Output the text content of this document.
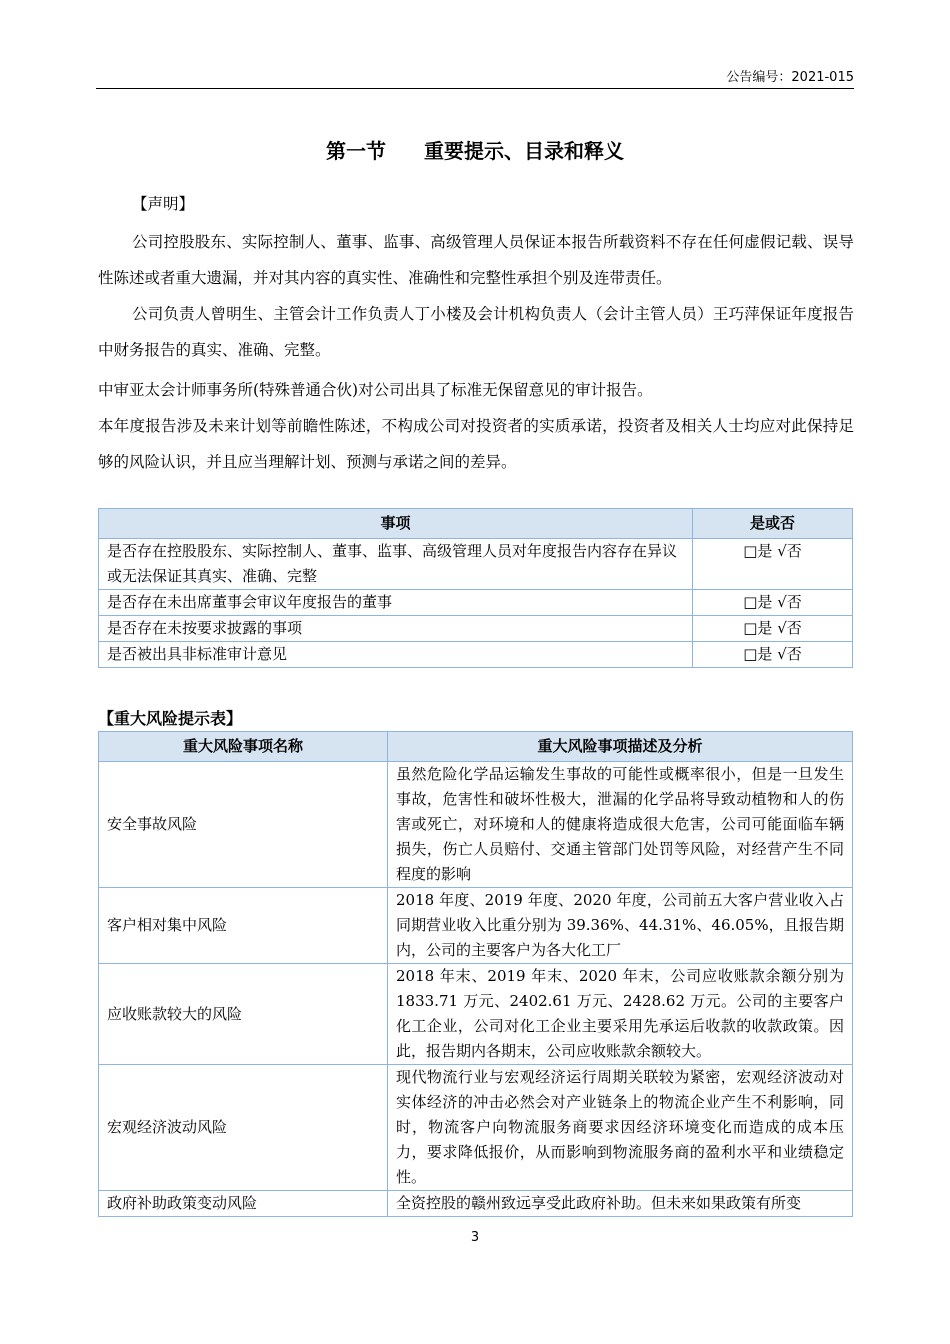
公告编号：2021-015
第一节 重要提示、目录和释义
【声明】
公司控股股东、实际控制人、董事、监事、高级管理人员保证本报告所载资料不存在任何虚假记载、误导性陈述或者重大遗漏，并对其内容的真实性、准确性和完整性承担个别及连带责任。
公司负责人曾明生、主管会计工作负责人丁小楼及会计机构负责人（会计主管人员）王巧萍保证年度报告中财务报告的真实、准确、完整。
中审亚太会计师事务所(特殊普通合伙)对公司出具了标准无保留意见的审计报告。
本年度报告涉及未来计划等前瞻性陈述，不构成公司对投资者的实质承诺，投资者及相关人士均应对此保持足够的风险认识，并且应当理解计划、预测与承诺之间的差异。
事项	是或否
是否存在控股股东、实际控制人、董事、监事、高级管理人员对年度报告内容存在异议或无法保证其真实、准确、完整	□是 √否
是否存在未出席董事会审议年度报告的董事	□是 √否
是否存在未按要求披露的事项	□是 √否
是否被出具非标准审计意见	□是 √否
【重大风险提示表】
重大风险事项名称	重大风险事项描述及分析
安全事故风险	虽然危险化学品运输发生事故的可能性或概率很小，但是一旦发生事故，危害性和破坏性极大，泄漏的化学品将导致动植物和人的伤害或死亡，对环境和人的健康将造成很大危害，公司可能面临车辆损失，伤亡人员赔付、交通主管部门处罚等风险，对经营产生不同程度的影响
客户相对集中风险	2018 年度、2019 年度、2020 年度，公司前五大客户营业收入占同期营业收入比重分别为 39.36%、44.31%、46.05%，且报告期内，公司的主要客户为各大化工厂
应收账款较大的风险	2018 年末、2019 年末、2020 年末，公司应收账款余额分别为 1833.71 万元、2402.61 万元、2428.62 万元。公司的主要客户化工企业，公司对化工企业主要采用先承运后收款的收款政策。因此，报告期内各期末，公司应收账款余额较大。
宏观经济波动风险	现代物流行业与宏观经济运行周期关联较为紧密，宏观经济波动对实体经济的冲击必然会对产业链条上的物流企业产生不利影响，同时，物流客户向物流服务商要求因经济环境变化而造成的成本压力，要求降低报价，从而影响到物流服务商的盈利水平和业绩稳定性。
政府补助政策变动风险	全资控股的赣州致远享受此政府补助。但未来如果政策有所变
3
